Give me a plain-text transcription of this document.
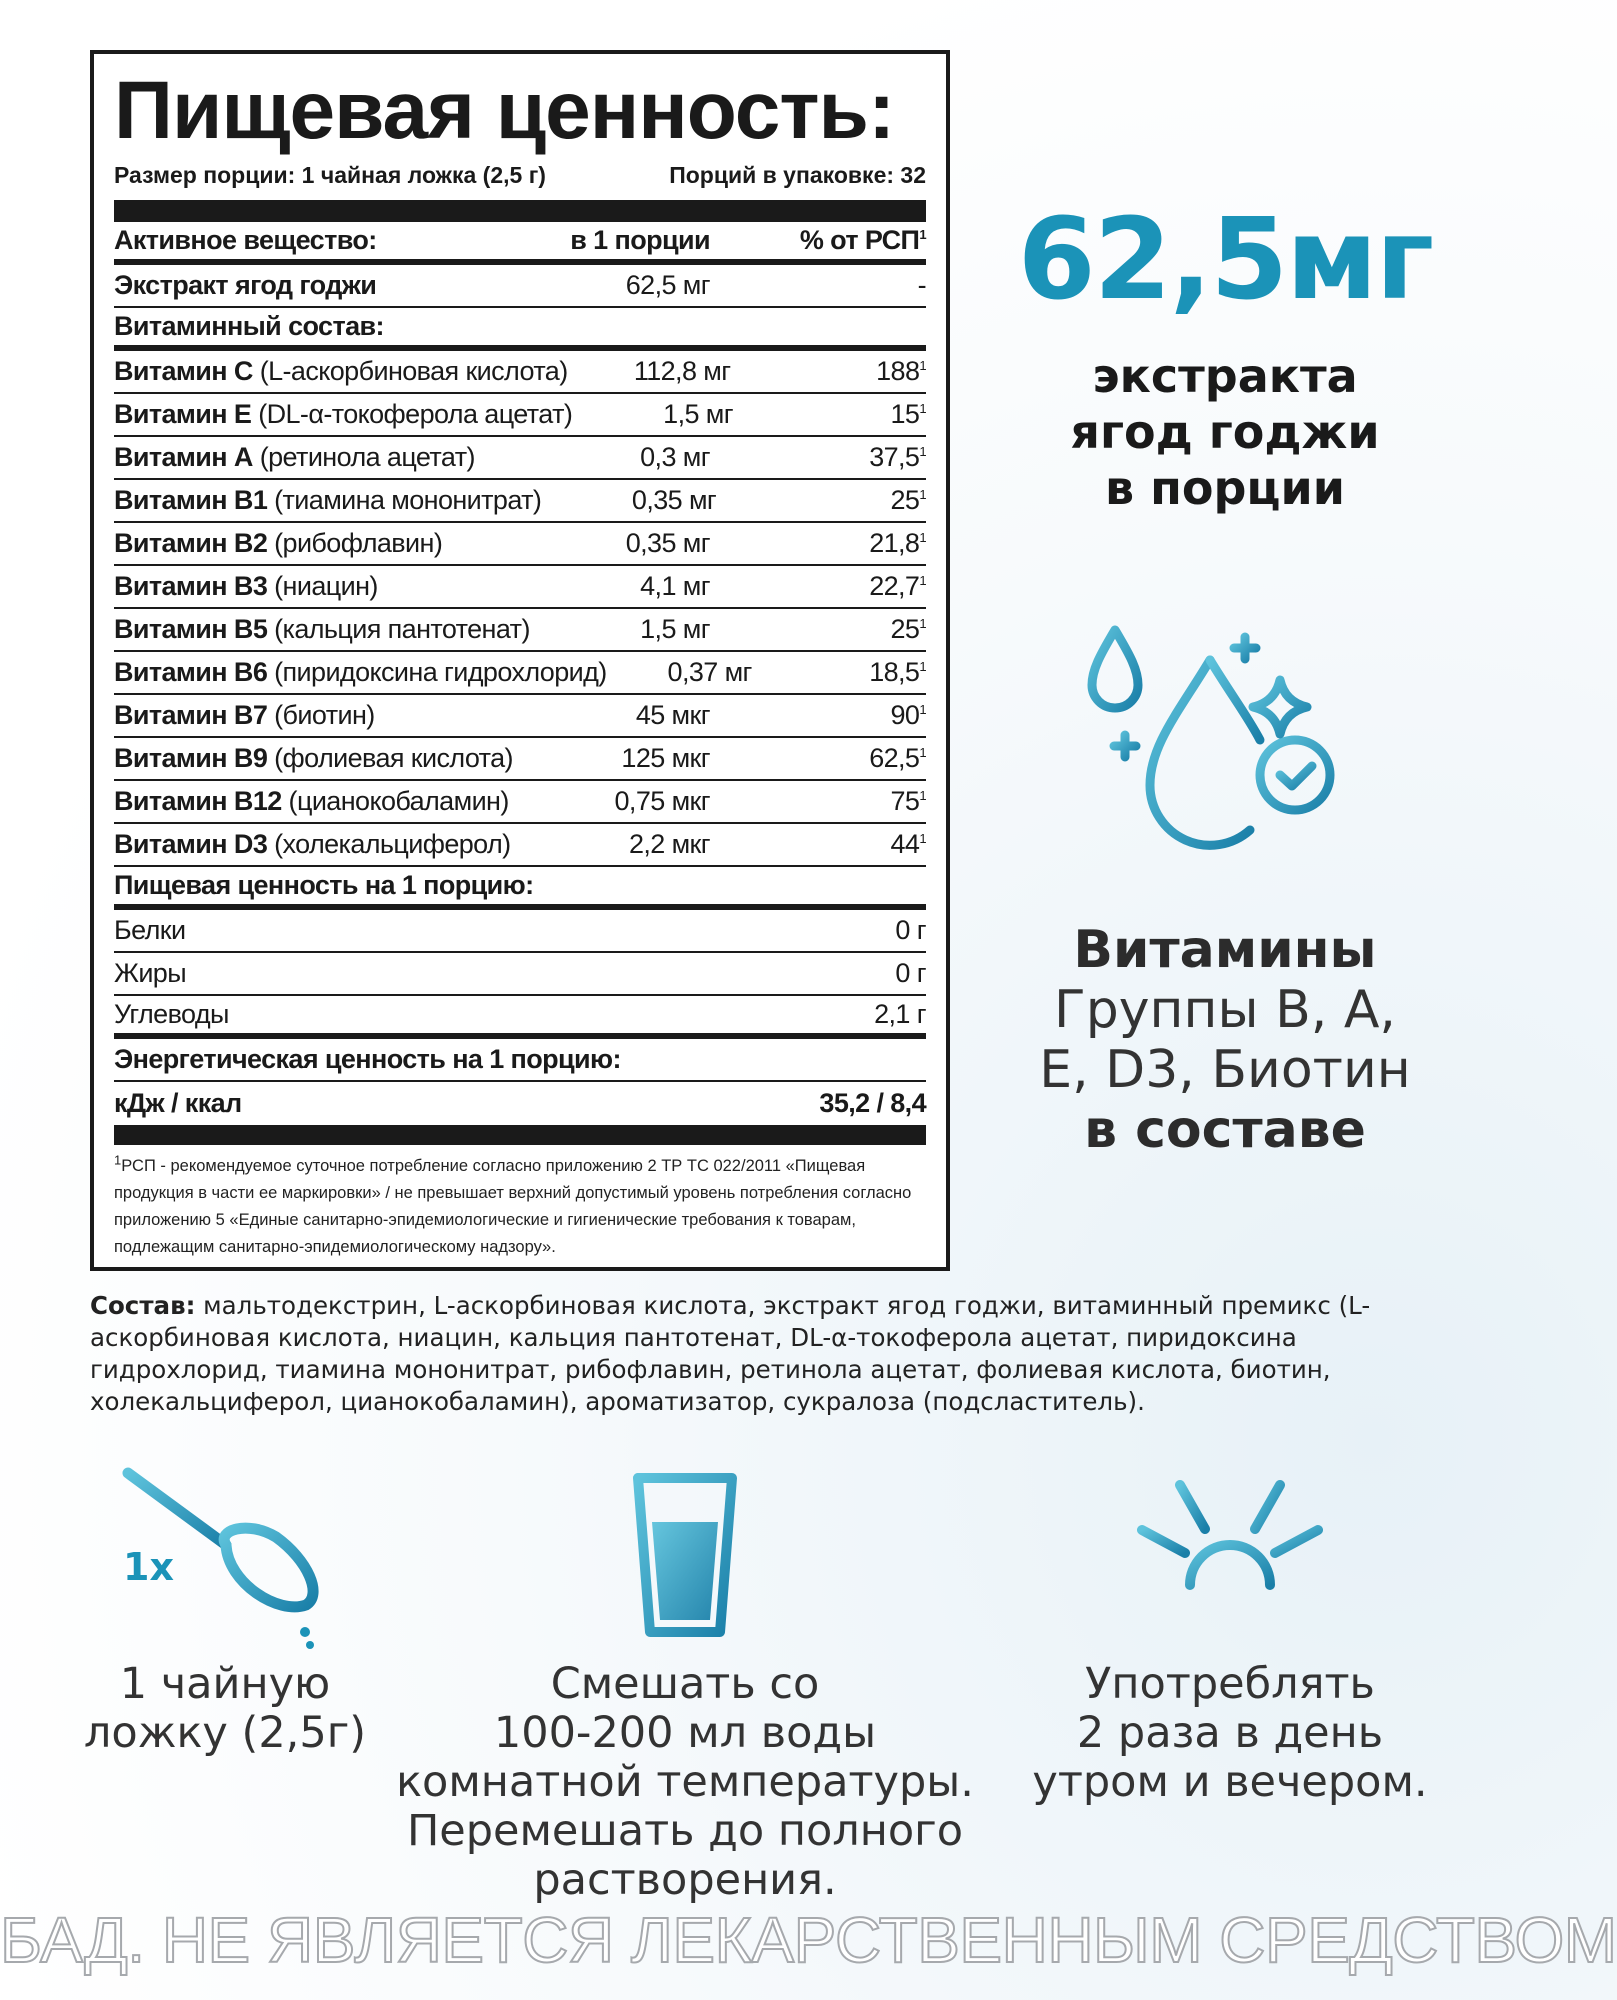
Пищевая ценность:
Размер порции: 1 чайная ложка (2,5 г)	Порций в упаковке: 32
Активное вещество:	в 1 порции	% от РСП$^1$
Экстракт ягод годжи	62,5 мг	-
Витаминный состав:
Витамин С (L-аскорбиновая кислота)	112,8 мг	$188^1$
Витамин Е (DL-α-токоферола ацетат)	1,5 мг	$15^1$
Витамин А (ретинола ацетат)	0,3 мг	37,5$^1$
Витамин В1 (тиамина мононитрат)	0,35 мг	$25^1$
Витамин В2 (рибофлавин)	0,35 мг	21,8$^1$
Витамин В3 (ниацин)	4,1 мг	22,7$^1$
Витамин В5 (кальция пантотенат)	1,5 мг	$25^1$
Витамин В6 (пиридоксина гидрохлорид)	0,37 мг	18,5$^1$
Витамин В7 (биотин)	45 мкг	$90^1$
Витамин В9 (фолиевая кислота)	125 мкг	62,5$^1$
Витамин В12 (цианокобаламин)	0,75 мкг	$75^1$
Витамин D3 (холекальциферол)	2,2 мкг	$44^1$
Пищевая ценность на 1 порцию:
Белки	0 г
Жиры	0 г
Углеводы	2,1 г
Энергетическая ценность на 1 порцию:
кДж / ккал	35,2 / 8,4
$^1$РСП - рекомендуемое суточное потребление согласно приложению 2 ТР ТС 022/2011 «Пищевая продукция в части ее маркировки» / не превышает верхний допустимый уровень потребления согласно приложению 5 «Единые санитарно-эпидемиологические и гигиенические требования к товарам, подлежащим санитарно-эпидемиологическому надзору».
62,5мг
экстракта
ягод годжи
в порции
Витамины
Группы В, А,
Е, D3, Биотин
в составе
Состав: мальтодекстрин, L-аскорбиновая кислота, экстракт ягод годжи, витаминный премикс (L-аскорбиновая кислота, ниацин, кальция пантотенат, DL-α-токоферола ацетат, пиридоксина гидрохлорид, тиамина мононитрат, рибофлавин, ретинола ацетат, фолиевая кислота, биотин, холекальциферол, цианокобаламин), ароматизатор, сукралоза (подсластитель).
1x
1 чайную
ложку (2,5г)
Смешать со
100-200 мл воды
комнатной температуры.
Перемешать до полного
растворения.
Употреблять
2 раза в день
утром и вечером.
БАД. НЕ ЯВЛЯЕТСЯ ЛЕКАРСТВЕННЫМ СРЕДСТВОМ
